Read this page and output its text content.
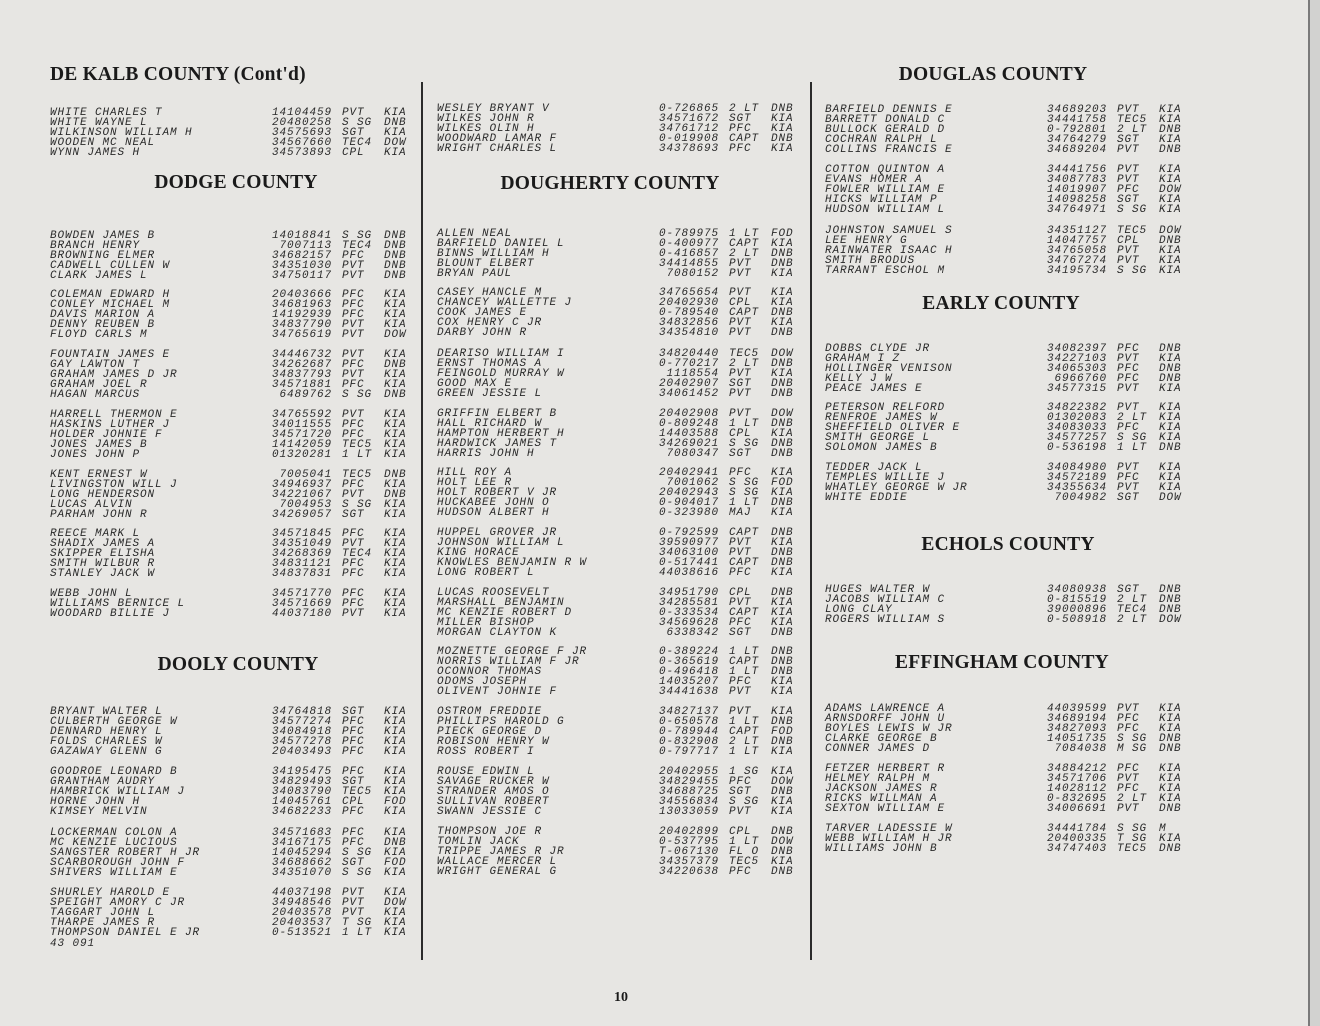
DE KALB COUNTY (Cont'd)
WHITE CHARLES T	14104459 PVT	KIA
WHITE WAYNE L	20480258 S SG	DNB
WILKINSON WILLIAM H	34575693 SGT	KIA
WOODEN MC NEAL	34567660 TEC4	DOW
WYNN JAMES H	34573893 CPL	KIA
DODGE COUNTY
BOWDEN JAMES B	14018841 S SG	DNB
BRANCH HENRY	7007113 TEC4	DNB
BROWNING ELMER	34682157 PFC	DNB
CADWELL CULLEN W	34351030 PVT	DNB
CLARK JAMES L	34750117 PVT	DNB
COLEMAN EDWARD H	20403666 PFC	KIA
CONLEY MICHAEL M	34681963 PFC	KIA
DAVIS MARION A	14192939 PFC	KIA
DENNY REUBEN B	34837790 PVT	KIA
FLOYD CARLS M	34765619 PVT	DOW
FOUNTAIN JAMES E	34446732 PVT	KIA
GAY LAWTON T	34262687 PFC	DNB
GRAHAM JAMES D JR	34837793 PVT	KIA
GRAHAM JOEL R	34571881 PFC	KIA
HAGAN MARCUS	6489762 S SG	DNB
HARRELL THERMON E	34765592 PVT	KIA
HASKINS LUTHER J	34011555 PFC	KIA
HOLDER JOHNIE F	34571720 PFC	KIA
JONES JAMES B	14142059 TEC5	KIA
JONES JOHN P	01320281 1 LT	KIA
KENT ERNEST W	7005041 TEC5	DNB
LIVINGSTON WILL J	34946937 PFC	KIA
LONG HENDERSON	34221067 PVT	DNB
LUCAS ALVIN	7004953 S SG	KIA
PARHAM JOHN R	34269057 SGT	KIA
REECE MARK L	34571845 PFC	KIA
SHADIX JAMES A	34351049 PVT	KIA
SKIPPER ELISHA	34268369 TEC4	KIA
SMITH WILBUR R	34831121 PFC	KIA
STANLEY JACK W	34837831 PFC	KIA
WEBB JOHN L	34571770 PFC	KIA
WILLIAMS BERNICE L	34571669 PFC	KIA
WOODARD BILLIE J	44037180 PVT	KIA
DOOLY COUNTY
BRYANT WALTER L	34764818 SGT	KIA
CULBERTH GEORGE W	34577274 PFC	KIA
DENNARD HENRY L	34084918 PFC	KIA
FOLDS CHARLES W	34577278 PFC	KIA
GAZAWAY GLENN G	20403493 PFC	KIA
GOODROE LEONARD B	34195475 PFC	KIA
GRANTHAM AUDRY	34829493 SGT	KIA
HAMBRICK WILLIAM J	34083790 TEC5	KIA
HORNE JOHN H	14045761 CPL	FOD
KIMSEY MELVIN	34682233 PFC	KIA
LOCKERMAN COLON A	34571683 PFC	KIA
MC KENZIE LUCIOUS	34167175 PFC	DNB
SANGSTER ROBERT H JR	14045294 S SG	KIA
SCARBOROUGH JOHN F	34688662 SGT	FOD
SHIVERS WILLIAM E	34351070 S SG	KIA
SHURLEY HAROLD E	44037198 PVT	KIA
SPEIGHT AMORY C JR	34948546 PVT	DOW
TAGGART JOHN L	20403578 PVT	KIA
THARPE JAMES R	20403537 T SG	KIA
THOMPSON DANIEL E JR	0-513521 1 LT	KIA
43 091
WESLEY BRYANT V	0-726865 2 LT	DNB
WILKES JOHN R	34571672 SGT	KIA
WILKES OLIN H	34761712 PFC	KIA
WOODWARD LAMAR F	0-019908 CAPT	DNB
WRIGHT CHARLES L	34378693 PFC	KIA
DOUGHERTY COUNTY
ALLEN NEAL	0-789975 1 LT	FOD
BARFIELD DANIEL L	0-400977 CAPT	KIA
BINNS WILLIAM H	0-416857 2 LT	DNB
BLOUNT ELBERT	34414855 PVT	DNB
BRYAN PAUL	7080152 PVT	KIA
CASEY HANCLE M	34765654 PVT	KIA
CHANCEY WALLETTE J	20402930 CPL	KIA
COOK JAMES E	0-789540 CAPT	DNB
COX HENRY C JR	34832856 PVT	KIA
DARBY JOHN R	34354810 PVT	DNB
DEARISO WILLIAM I	34820440 TEC5	DOW
ERNST THOMAS A	0-770217 2 LT	DNB
FEINGOLD MURRAY W	1118554 PVT	KIA
GOOD MAX E	20402907 SGT	DNB
GREEN JESSIE L	34061452 PVT	DNB
GRIFFIN ELBERT B	20402908 PVT	DOW
HALL RICHARD W	0-809248 1 LT	DNB
HAMPTON HERBERT H	14403588 CPL	KIA
HARDWICK JAMES T	34269021 S SG	DNB
HARRIS JOHN H	7080347 SGT	DNB
HILL ROY A	20402941 PFC	KIA
HOLT LEE R	7001062 S SG	FOD
HOLT ROBERT V JR	20402943 S SG	KIA
HUCKABEE JOHN O	0-904017 1 LT	DNB
HUDSON ALBERT H	0-323980 MAJ	KIA
HUPPEL GROVER JR	0-792599 CAPT	DNB
JOHNSON WILLIAM L	39590977 PVT	KIA
KING HORACE	34063100 PVT	DNB
KNOWLES BENJAMIN R W	0-517441 CAPT	DNB
LONG ROBERT L	44038616 PFC	KIA
LUCAS ROOSEVELT	34951790 CPL	DNB
MARSHALL BENJAMIN	34285581 PVT	KIA
MC KENZIE ROBERT D	0-333534 CAPT	KIA
MILLER BISHOP	34569628 PFC	KIA
MORGAN CLAYTON K	6338342 SGT	DNB
MOZNETTE GEORGE F JR	0-389224 1 LT	DNB
NORRIS WILLIAM F JR	0-365619 CAPT	DNB
OCONNOR THOMAS	0-496418 1 LT	DNB
ODOMS JOSEPH	14035207 PFC	KIA
OLIVENT JOHNIE F	34441638 PVT	KIA
OSTROM FREDDIE	34827137 PVT	KIA
PHILLIPS HAROLD G	0-650578 1 LT	DNB
PIECK GEORGE D	0-789944 CAPT	FOD
ROBISON HENRY W	0-832908 2 LT	DNB
ROSS ROBERT I	0-797717 1 LT	KIA
ROUSE EDWIN L	20402955 1 SG	KIA
SAVAGE RUCKER W	34829455 PFC	DOW
STRANDER AMOS O	34688725 SGT	DNB
SULLIVAN ROBERT	34556834 S SG	KIA
SWANN JESSIE C	13033059 PVT	KIA
THOMPSON JOE R	20402899 CPL	DNB
TOMLIN JACK	0-537795 1 LT	DOW
TRIPPE JAMES R JR	T-067130 FL O	DNB
WALLACE MERCER L	34357379 TEC5	KIA
WRIGHT GENERAL G	34220638 PFC	DNB
DOUGLAS COUNTY
BARFIELD DENNIS E	34689203 PVT	KIA
BARRETT DONALD C	34441758 TEC5	KIA
BULLOCK GERALD D	0-792801 2 LT	DNB
COCHRAN RALPH L	34764279 SGT	KIA
COLLINS FRANCIS E	34689204 PVT	DNB
COTTON QUINTON A	34441756 PVT	KIA
EVANS HOMER A	34087783 PVT	KIA
FOWLER WILLIAM E	14019907 PFC	DOW
HICKS WILLIAM P	14098258 SGT	KIA
HUDSON WILLIAM L	34764971 S SG	KIA
JOHNSTON SAMUEL S	34351127 TEC5	DOW
LEE HENRY G	14047757 CPL	DNB
RAINWATER ISAAC H	34765058 PVT	KIA
SMITH BRODUS	34767274 PVT	KIA
TARRANT ESCHOL M	34195734 S SG	KIA
EARLY COUNTY
DOBBS CLYDE JR	34082397 PFC	DNB
GRAHAM I Z	34227103 PVT	KIA
HOLLINGER VENISON	34065303 PFC	DNB
KELLY J W	6966760 PFC	DNB
PEACE JAMES E	34577315 PVT	KIA
PETERSON RELFORD	34822382 PVT	KIA
RENFROE JAMES W	01302083 2 LT	KIA
SHEFFIELD OLIVER E	34083033 PFC	KIA
SMITH GEORGE L	34577257 S SG	KIA
SOLOMON JAMES B	0-536198 1 LT	DNB
TEDDER JACK L	34084980 PVT	KIA
TEMPLES WILLIE J	34572189 PFC	KIA
WHATLEY GEORGE W JR	34355634 PVT	KIA
WHITE EDDIE	7004982 SGT	DOW
ECHOLS COUNTY
HUGES WALTER W	34080938 SGT	DNB
JACOBS WILLIAM C	0-815519 2 LT	DNB
LONG CLAY	39000896 TEC4	DNB
ROGERS WILLIAM S	0-508918 2 LT	DOW
EFFINGHAM COUNTY
ADAMS LAWRENCE A	44039599 PVT	KIA
ARNSDORFF JOHN U	34689194 PFC	KIA
BOYLES LEWIS W JR	34827093 PFC	KIA
CLARKE GEORGE B	14051735 S SG	DNB
CONNER JAMES D	7084038 M SG	DNB
FETZER HERBERT R	34884212 PFC	KIA
HELMEY RALPH M	34571706 PVT	KIA
JACKSON JAMES R	14028112 PFC	KIA
RICKS WILLMAN A	0-832695 2 LT	KIA
SEXTON WILLIAM E	34006691 PVT	DNB
TARVER LADESSIE W	34441784 S SG	M
WEBB WILLIAM H JR	20400335 T SG	KIA
WILLIAMS JOHN B	34747403 TEC5	DNB
10
